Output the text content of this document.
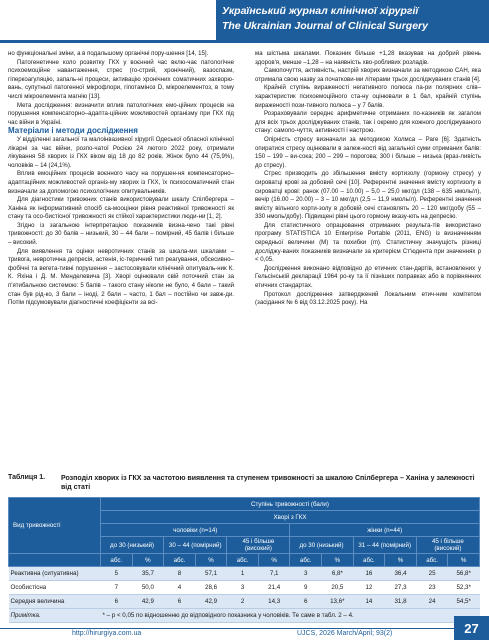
Український журнал клінічної хірургії
The Ukrainian Journal of Clinical Surgery

но функціональні зміни, а в подальшому органічні пору-шення [14, 15].

Патогенетичне коло розвитку ГКХ у воєнний час вклю-чає патологічне психоемоційне навантаження, стрес (го-стрий, хронічний), вазоспазм, гіперкоагуляцію, запаль-ні процеси, активацію хронічних соматичних захворю-вань, супутньої патогенної мікрофлори, гіпотаміноз D, мікроелементоз, в тому числі мікроелемента магнію [13].

Мета дослідження: визначити вплив патологічних емо-ційних процесів на порушення компенсаторно–адапта-ційних можливостей організму при ГКХ під час війни в Україні.

Матеріали і методи дослідження

У відділенні загальної та малоінвазивної хірургії Одеської обласної клінічної лікарні за час війни, розпо-чатої Росією 24 лютого 2022 року, отримали лікування 58 хворих із ГКХ віком від 18 до 82 років. Жінок було 44 (75,9%), чоловіків – 14 (24,1%).

Вплив емоційних процесів воєнного часу на порушен-ня компенсаторно–адаптаційних можливостей організ-му хворих із ГКХ, їх психосоматичний стан визначали за допомогою психологічних опитувальників.

Для діагностики тривожних станів використовували шкалу Спілбергера – Ханіна як інформативний спосіб са-мооцінки рівня реактивної тривожності як стану та осо-бистісної тривожності як стійкої характеристики люди-ни [1, 2].

Згідно із загальною інтерпретацією показників визна-чено такі рівні тривожності: до 30 балів – низький, 30 – 44 бали – помірний, 45 балів і більше – високий.

Для виявлення та оцінки невротичних станів за шкала-ми шкалами – тривога, невротична депресія, астенія, іс-теричний тип реагування, обсесивно–фобічні та вегета-тивні порушення – застосовували клінічний опитуваль-ник К. К. Яхіна і Д. М. Менделевича [3]. Хворі оцінювали свій поточний стан за п'ятибальною системою: 5 балів – такого стану ніколи не було, 4 бали – такий стан був рід-ко, 3 бали – іноді, 2 бали – часто, 1 бал – постійно чи завж-ди. Потім підсумовували діагностичні коефіцієнти за всі-

ма шістьма шкалами. Показник більше +1,28 вказував на добрий рівень здоров'я, менше –1,28 – на наявність хво-робливих розладів.

Самопочуття, активність, настрій хворих визначали за методикою САН, яка отримала свою назву за початкови-ми літерами трьох досліджуваних станів [4].

Крайній ступінь вираженості негативного полюса па-ри полярних слів–характеристик психоемоційного ста-ну оцінювали в 1 бал, крайній ступінь вираженості пози-тивного полюса – у 7 балів.

Розраховували середнє арифметичне отриманих по-казників як загалом для всіх трьох досліджуваних станів, так і окремо для кожного досліджуваного стану: самопо-чуття, активності і настрою.

Опірність стресу визначали за методикою Холмса – Раге [6]. Здатність опиратися стресу оцінювали в залеж-ності від загальної суми отриманих балів: 150 – 199 – ви-сока; 200 – 299 – порогова; 300 і більше – низька (враз-ливість до стресу).

Стрес призводить до збільшення вмісту кортизолу (гормону стресу) у сироватці крові за добовий сечі [10]. Референтні значення вмісту кортизолу в сироватці крові: ранок (07.00 – 10.00) – 5,0 – 25,0 мкг/дл (138 – 635 нмоль/л), вечір (16.00 – 20.00) – 3 – 10 мкг/дл (2,5 – 11,9 нмоль/л). Референтні значення вмісту вільного корти-золу в добовій сечі становлять 20 – 120 мкг/добу (55 – 330 нмоль/добу). Підвищені рівні цього гормону вказу-ють на депресію.

Для статистичного опрацювання отриманих результа-тів використано програму STATISTICA 10 Enterprise Portable (2011, ENG) із визначенням середньої величини (M) та похибки (m). Статистичну значущість різниці досліджу-ваних показників визначали за критерієм Ст'юдента при значеннях p < 0,05.

Дослідження виконано відповідно до етичних стан-дартів, встановлених у Гельсінській декларації 1964 ро-ку та її пізніших поправках або в порівнянних етичних стандартах.

Протокол дослідження затверджений Локальним етич-ним комітетом (засідання № 6 від 03.12.2025 року). На

Таблиця 1.	Розподіл хворих із ГКХ за частотою виявлення та ступенем тривожності за шкалою Спілбергера – Ханіна у залежності від статі
Вид тривожності	Ступінь тривожності (бали)											
	Хворі з ГКХ											
	чоловіки (n=14)						жінки (n=44)					
	до 30 (низький)		30 – 44 (помірний)		45 і більше (високий)		до 30 (низький)		31 – 44 (помірний)		45 і більше (високий)	
	абс.	%	абс.	%	абс.	%	абс.	%	абс.	%	абс.	%
Реактивна (ситуативна)	5	35,7	8	57,1	1	7,1	3	6,8*	16	36,4	25	56,8*
Особистісна	7	50,0	4	28,6	3	21,4	9	20,5	12	27,3	23	52,3*
Середня величина	6	42,9	6	42,9	2	14,3	6	13,6*	14	31,8	24	54,5*
Примітка.	* – p < 0,05 по відношенню до відповідного показника у чоловіків. Те саме в табл. 2 – 4.											
http://hirurgiya.com.ua	UJCS, 2026 March/April; 93(2)	27
